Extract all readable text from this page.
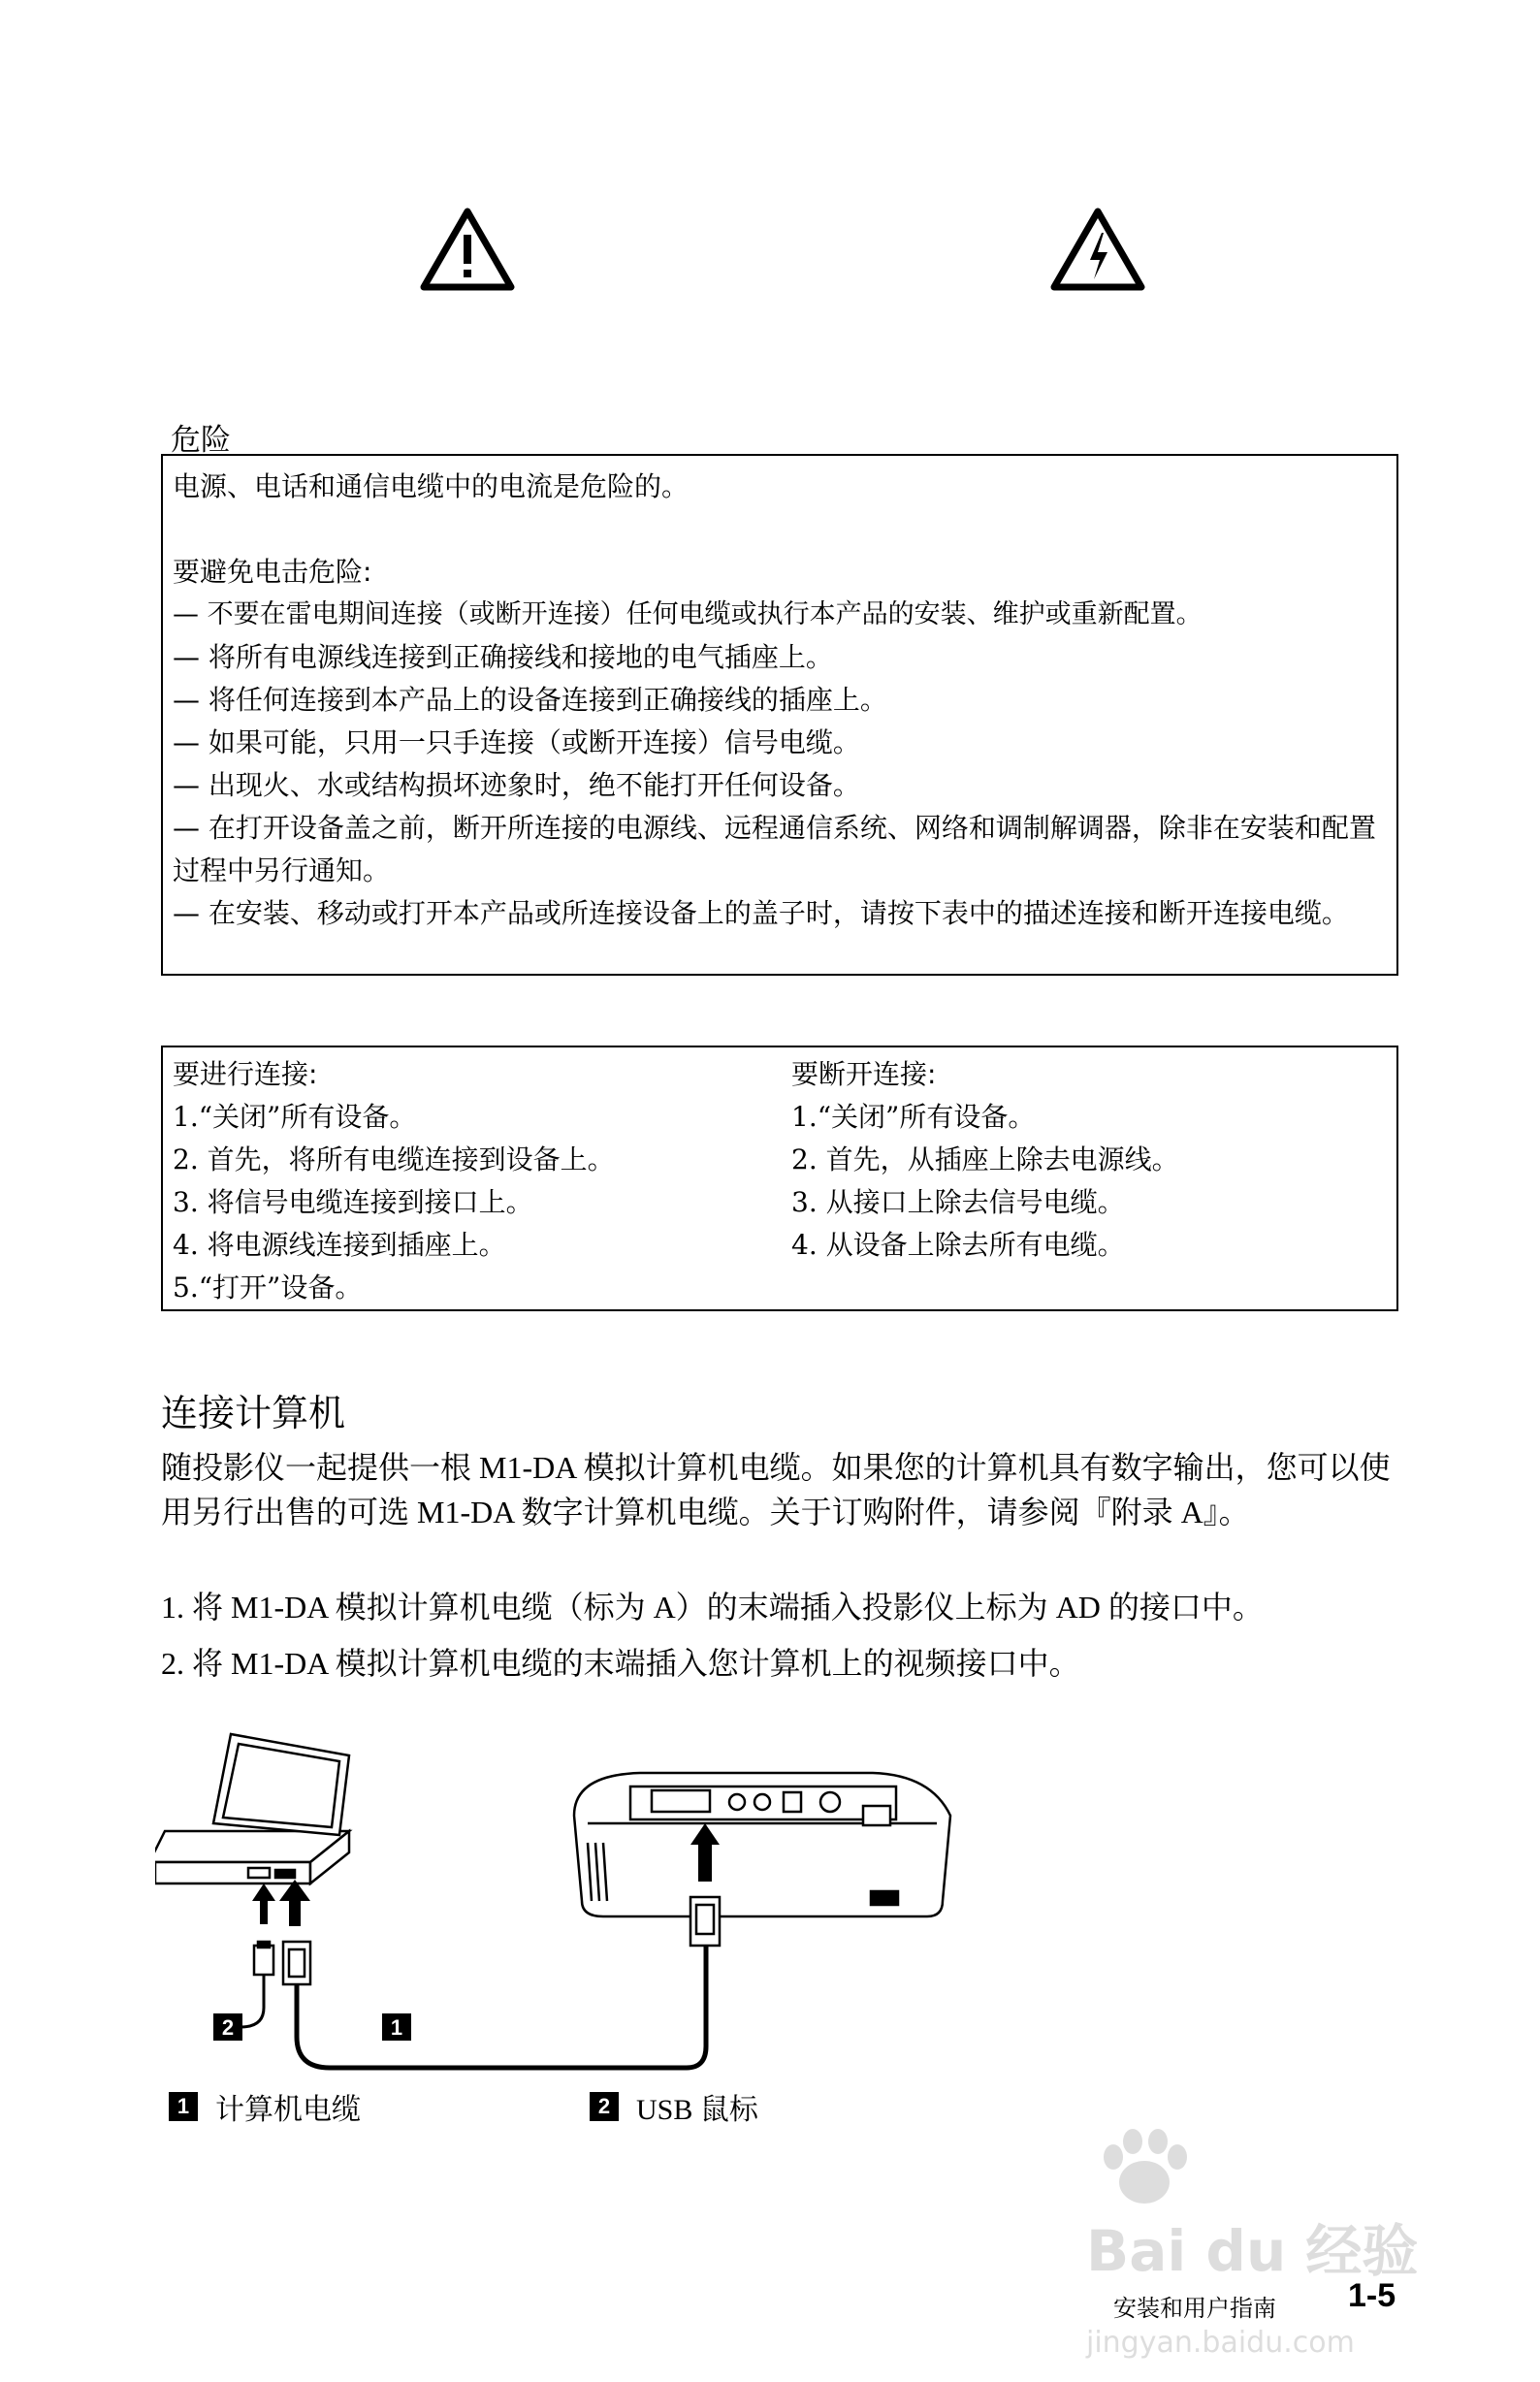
危险

电源、电话和通信电缆中的电流是危险的。

要避免电击危险:

— 不要在雷电期间连接（或断开连接）任何电缆或执行本产品的安装、维护或重新配置。

— 将所有电源线连接到正确接线和接地的电气插座上。

— 将任何连接到本产品上的设备连接到正确接线的插座上。

— 如果可能，只用一只手连接（或断开连接）信号电缆。

— 出现火、水或结构损坏迹象时，绝不能打开任何设备。

— 在打开设备盖之前，断开所连接的电源线、远程通信系统、网络和调制解调器，除非在安装和配置过程中另行通知。

— 在安装、移动或打开本产品或所连接设备上的盖子时，请按下表中的描述连接和断开连接电缆。

要进行连接:
1.“关闭”所有设备。
2. 首先，将所有电缆连接到设备上。
3. 将信号电缆连接到接口上。
4. 将电源线连接到插座上。
5.“打开”设备。
要断开连接:
1.“关闭”所有设备。
2. 首先，从插座上除去电源线。
3. 从接口上除去信号电缆。
4. 从设备上除去所有电缆。
连接计算机
随投影仪一起提供一根 M1-DA 模拟计算机电缆。如果您的计算机具有数字输出，您可以使用另行出售的可选 M1-DA 数字计算机电缆。关于订购附件，请参阅『附录 A』。
1. 将 M1-DA 模拟计算机电缆（标为 A）的末端插入投影仪上标为 AD 的接口中。
2. 将 M1-DA 模拟计算机电缆的末端插入您计算机上的视频接口中。
1
2
1 计算机电缆	2 USB 鼠标
Bai du 经验
jingyan.baidu.com
安装和用户指南 1-5
